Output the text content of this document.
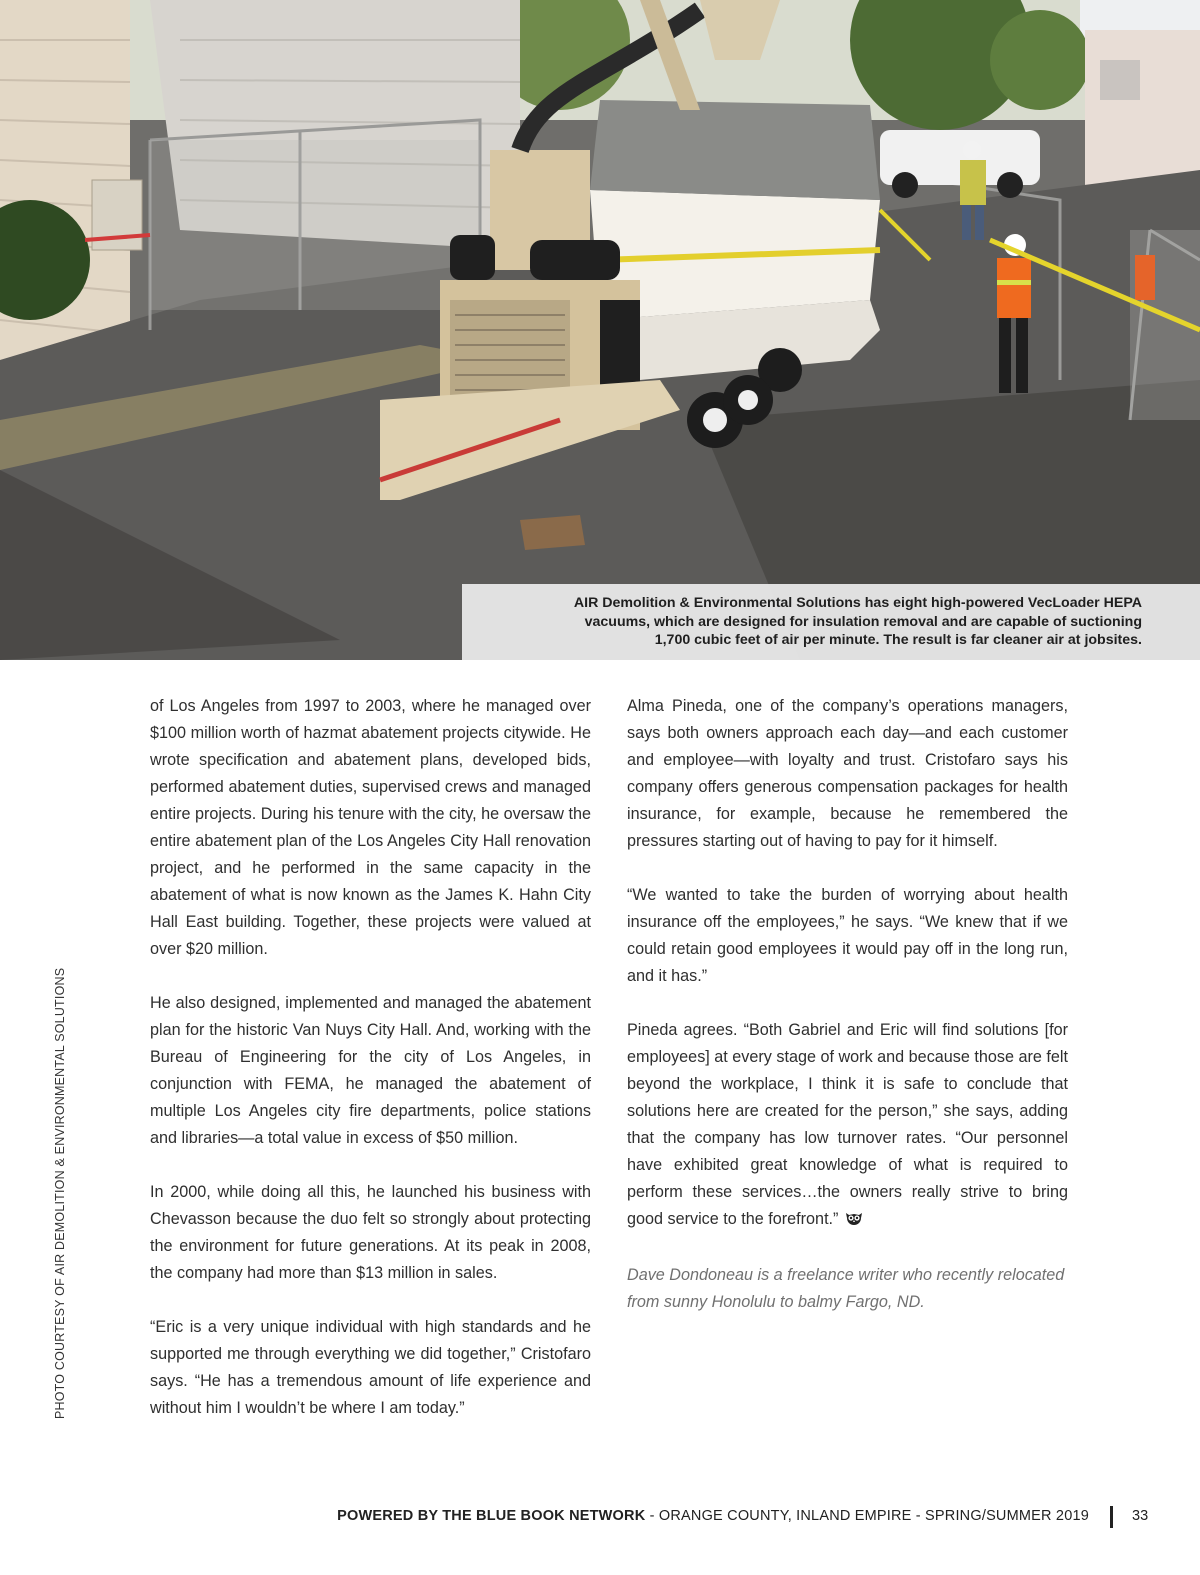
AIR Demolition & Environmental Solutions has eight high-powered VecLoader HEPA

vacuums, which are designed for insulation removal and are capable of suctioning

1,700 cubic feet of air per minute. The result is far cleaner air at jobsites.

PHOTO COURTESY OF AIR DEMOLITION & ENVIRONMENTAL SOLUTIONS

of Los Angeles from 1997 to 2003, where he managed over $100 million worth of hazmat abatement projects citywide. He wrote specification and abatement plans, developed bids, performed abatement duties, supervised crews and managed entire projects. During his tenure with the city, he oversaw the entire abatement plan of the Los Angeles City Hall renovation project, and he performed in the same capacity in the abatement of what is now known as the James K. Hahn City Hall East building. Together, these projects were valued at over $20 million.

He also designed, implemented and managed the abatement plan for the historic Van Nuys City Hall. And, working with the Bureau of Engineering for the city of Los Angeles, in conjunction with FEMA, he managed the abatement of multiple Los Angeles city fire departments, police stations and libraries—a total value in excess of $50 million.

In 2000, while doing all this, he launched his business with Chevasson because the duo felt so strongly about protecting the environment for future generations. At its peak in 2008, the company had more than $13 million in sales.

“Eric is a very unique individual with high standards and he supported me through everything we did together,” Cristofaro says. “He has a tremendous amount of life experience and without him I wouldn’t be where I am today.”

Alma Pineda, one of the company’s operations managers, says both owners approach each day—and each customer and employee—with loyalty and trust. Cristofaro says his company offers generous compensation packages for health insurance, for example, because he remembered the pressures starting out of having to pay for it himself.

“We wanted to take the burden of worrying about health insurance off the employees,” he says. “We knew that if we could retain good employees it would pay off in the long run, and it has.”

Pineda agrees. “Both Gabriel and Eric will find solutions [for employees] at every stage of work and because those are felt beyond the workplace, I think it is safe to conclude that solutions here are created for the person,” she says, adding that the company has low turnover rates. “Our personnel have exhibited great knowledge of what is required to perform these services…the owners really strive to bring good service to the forefront.”

Dave Dondoneau is a freelance writer who recently relocated from sunny Honolulu to balmy Fargo, ND.

POWERED BY THE BLUE BOOK NETWORK - ORANGE COUNTY, INLAND EMPIRE - SPRING/SUMMER 2019	33
